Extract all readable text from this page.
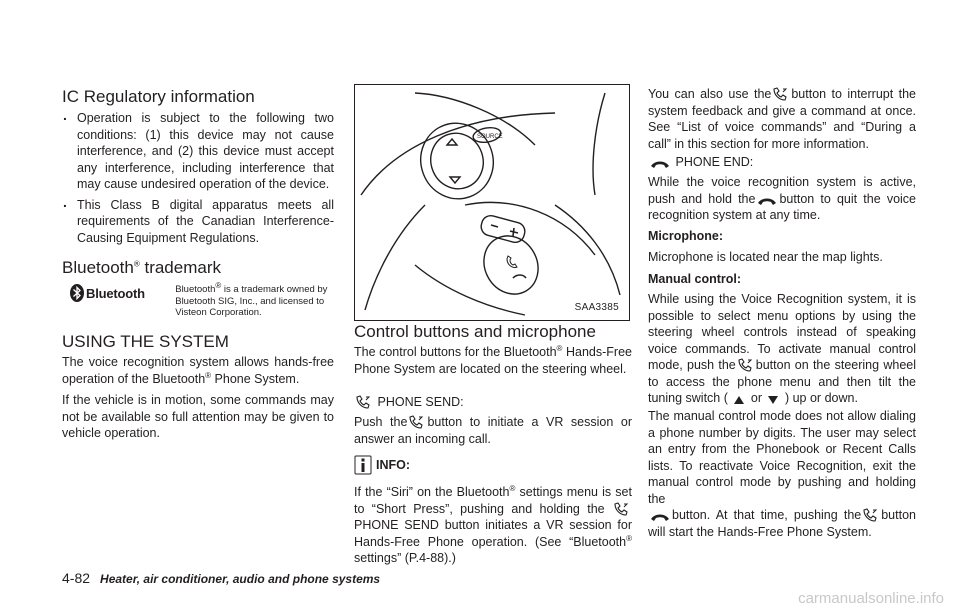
IC Regulatory information
. Operation is subject to the following two conditions: (1) this device may not cause interference, and (2) this device must accept any interference, including interference that may cause undesired operation of the device.
. This Class B digital apparatus meets all requirements of the Canadian Interference-Causing Equipment Regulations.
Bluetooth® trademark
Bluetooth	Bluetooth® is a trademark owned by Bluetooth SIG, Inc., and licensed to Visteon Corporation.

USING THE SYSTEM

The voice recognition system allows hands-free operation of the Bluetooth® Phone System.

If the vehicle is in motion, some commands may not be available so full attention may be given to vehicle operation.

SOURCE
SAA3385
Control buttons and microphone

The control buttons for the Bluetooth® Hands-Free Phone System are located on the steering wheel.

PHONE SEND:

Push the button to initiate a VR session or answer an incoming call.

INFO:

If the “Siri” on the Bluetooth® settings menu is set to “Short Press”, pushing and holding the PHONE SEND button initiates a VR session for Hands-Free Phone operation. (See “Bluetooth® settings” (P.4-88).)

You can also use the button to interrupt the system feedback and give a command at once. See “List of voice commands” and “During a call” in this section for more information.

PHONE END:

While the voice recognition system is active, push and hold the button to quit the voice recognition system at any time.

Microphone:

Microphone is located near the map lights.

Manual control:

While using the Voice Recognition system, it is possible to select menu options by using the steering wheel controls instead of speaking voice commands. To activate manual control mode, push the button on the steering wheel to access the phone menu and then tilt the tuning switch ( or ) up or down.

The manual control mode does not allow dialing a phone number by digits. The user may select an entry from the Phonebook or Recent Calls lists. To reactivate Voice Recognition, exit the manual control mode by pushing and holding the
button. At that time, pushing the button will start the Hands-Free Phone System.

4-82 Heater, air conditioner, audio and phone systems
carmanualsonline.info
